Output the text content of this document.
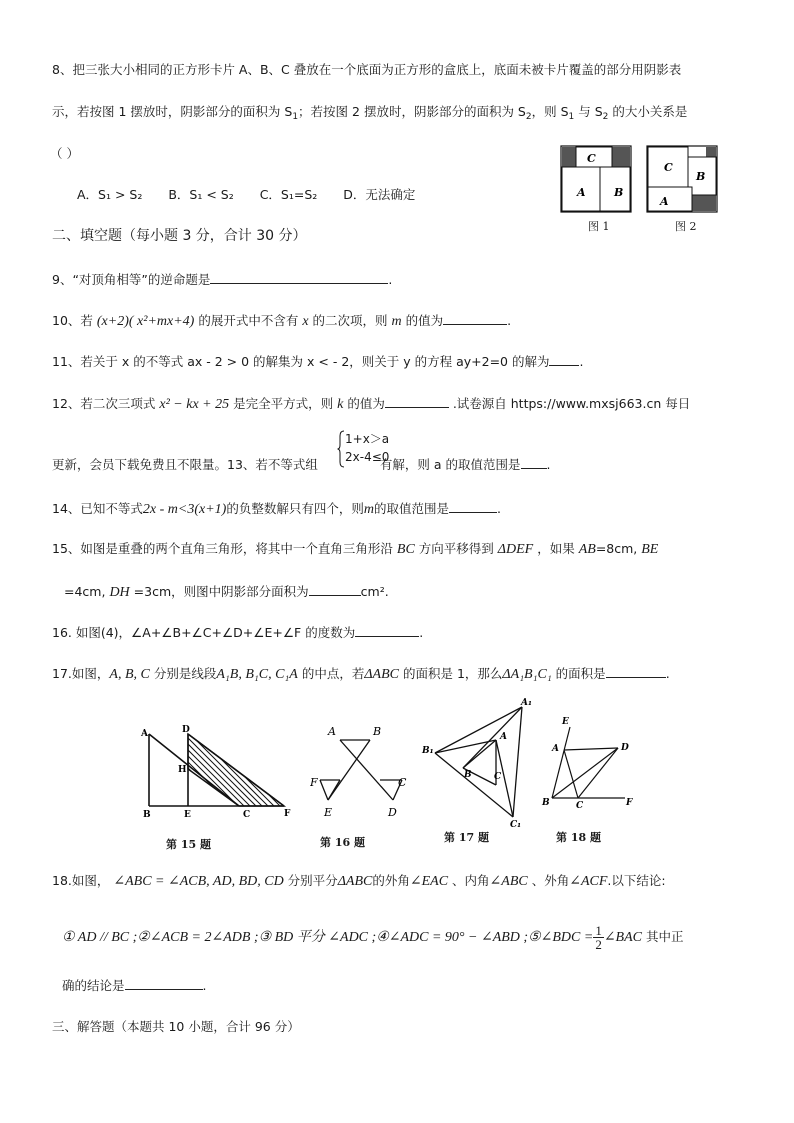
8、把三张大小相同的正方形卡片 A、B、C 叠放在一个底面为正方形的盒底上，底面未被卡片覆盖的部分用阴影表
示，若按图 1 摆放时，阴影部分的面积为 $S_1$；若按图 2 摆放时，阴影部分的面积为 $S_2$，则 $S_1$ 与 $S_2$ 的大小关系是
（ ）
A．S₁ > S₂ B．S₁ < S₂ C．S₁=S₂ D．无法确定
C
A	B
图 1
C
B
A
图 2
二、填空题（每小题 3 分，合计 30 分）
9、“对顶角相等”的逆命题是	.
10、若 (x+2)( x²+mx+4) 的展开式中不含有 x 的二次项，则 m 的值为	.
11、若关于 x 的不等式 ax - 2 > 0 的解集为 x < - 2，则关于 y 的方程 ay+2=0 的解为 .
12、若二次三项式 x² − kx + 25 是完全平方式，则 k 的值为	.试卷源自 https://www.mxsj663.cn 每日
更新，会员下载免费且不限量。13、若不等式组	有解，则 a 的取值范围是 .
1+x＞a
2x-4≤0
14、已知不等式2x - m<3(x+1)的负整数解只有四个，则m的取值范围是	.
15、如图是重叠的两个直角三角形，将其中一个直角三角形沿 BC 方向平移得到 ΔDEF ，如果 AB=8cm, BE
=4cm, DH =3cm，则图中阴影部分面积为	cm².
16. 如图(4)，∠A+∠B+∠C+∠D+∠E+∠F 的度数为	.
17.如图，A, B, C 分别是线段A₁B, B₁C, C₁A 的中点，若ΔABC 的面积是 1，那么ΔA₁B₁C₁ 的面积是	.
A	D
H
B	E	C	F
第 15 题
A	B
F	C
E	D
第 16 题
A₁
A
B₁
B C
C₁
第 17 题
E
A	D
B	C	F
第 18 题
18.如图， ∠ABC = ∠ACB, AD, BD, CD 分别平分ΔABC的外角∠EAC 、内角∠ABC 、外角∠ACF.以下结论:
① AD // BC ;②∠ACB = 2∠ADB ;③ BD 平分 ∠ADC ;④∠ADC = 90° − ∠ABD ;⑤∠BDC = $\frac{1}{2}$ ∠BAC 其中正
确的结论是	.
三、解答题（本题共 10 小题，合计 96 分）
